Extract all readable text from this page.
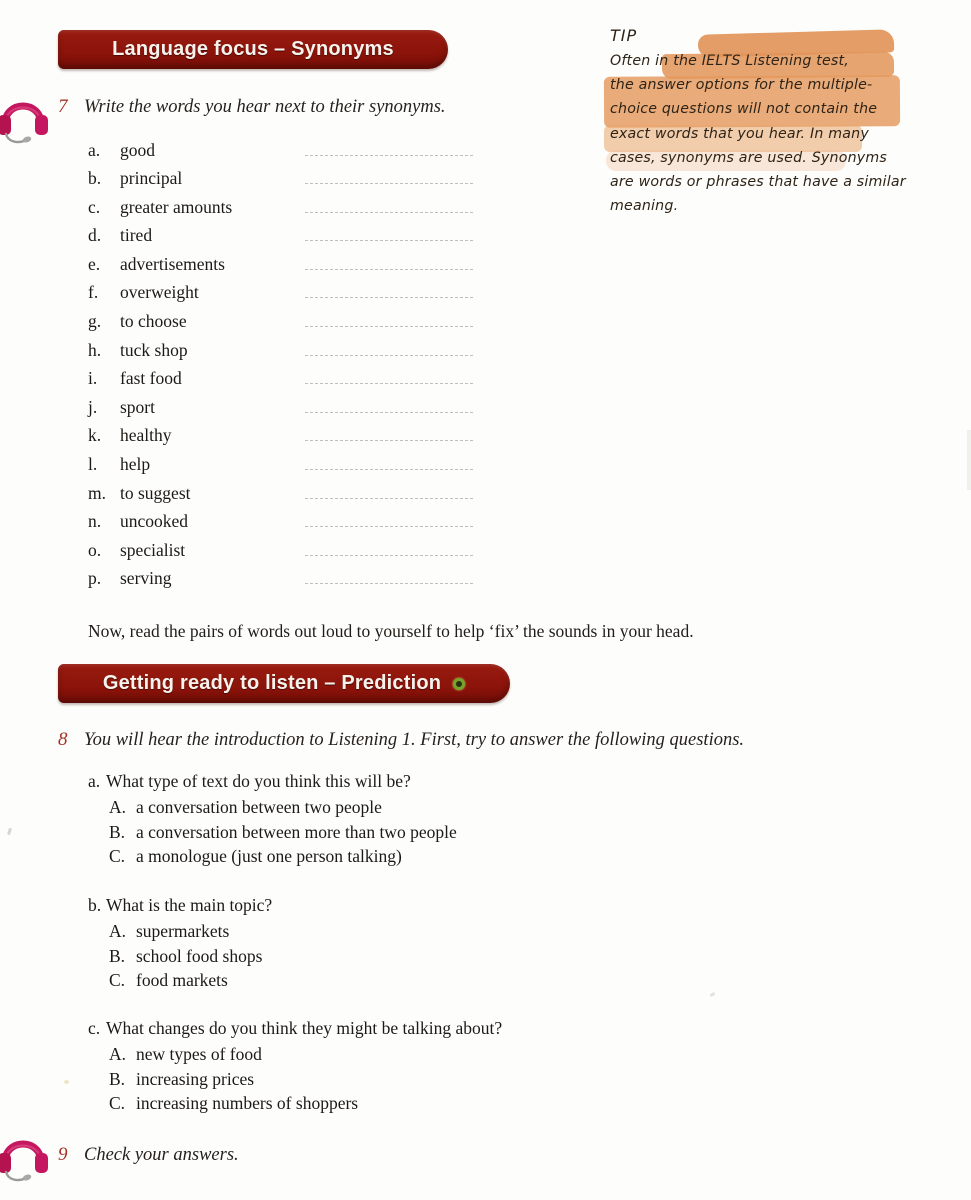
Language focus – Synonyms
TIP
Often in the IELTS Listening test,
the answer options for the multiple-
choice questions will not contain the
exact words that you hear. In many
cases, synonyms are used. Synonyms
are words or phrases that have a similar
meaning.
7 Write the words you hear next to their synonyms.
a.	good
b.	principal
c.	greater amounts
d.	tired
e.	advertisements
f.	overweight
g.	to choose
h.	tuck shop
i.	fast food
j.	sport
k.	healthy
l.	help
m. to suggest
n.	uncooked
o.	specialist
p.	serving
Now, read the pairs of words out loud to yourself to help ‘fix’ the sounds in your head.
Getting ready to listen – Prediction
8 You will hear the introduction to Listening 1. First, try to answer the following questions.
a. What type of text do you think this will be?
A. a conversation between two people
B. a conversation between more than two people
C. a monologue (just one person talking)
b. What is the main topic?
A. supermarkets
B. school food shops
C. food markets
c. What changes do you think they might be talking about?
A. new types of food
B. increasing prices
C. increasing numbers of shoppers
9 Check your answers.
